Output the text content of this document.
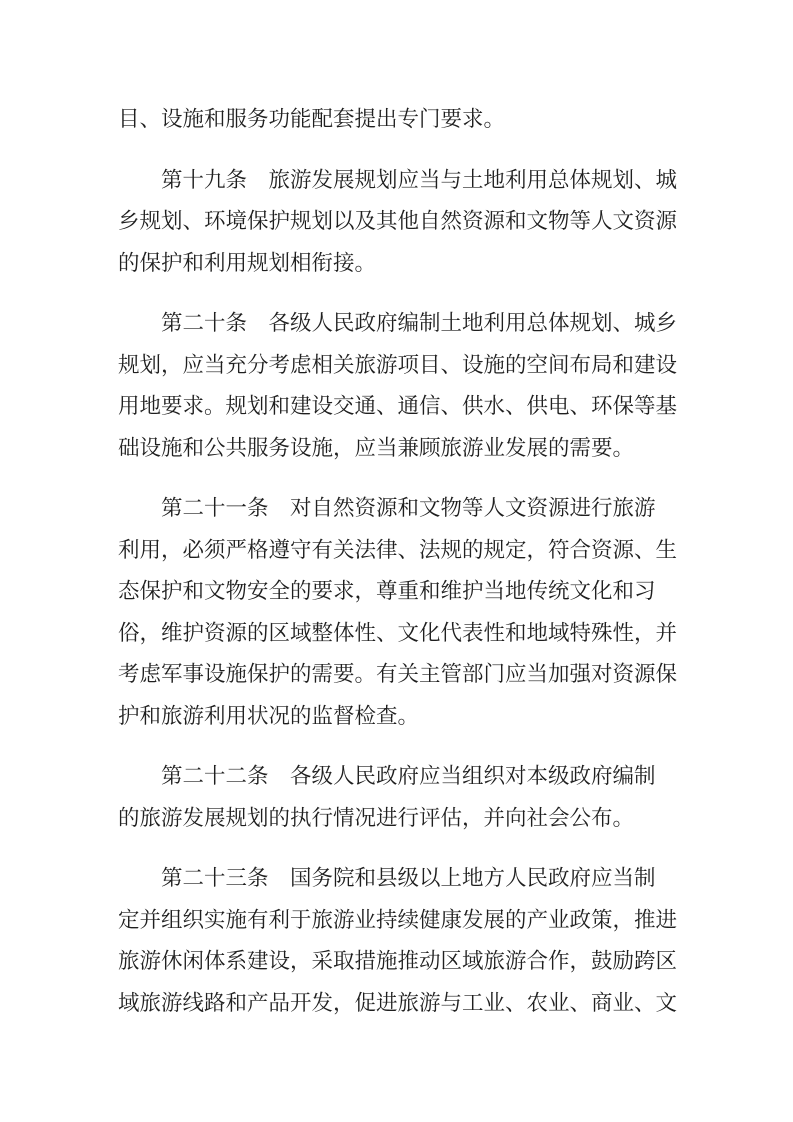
目、设施和服务功能配套提出专门要求。
第十九条　旅游发展规划应当与土地利用总体规划、城
乡规划、环境保护规划以及其他自然资源和文物等人文资源
的保护和利用规划相衔接。
第二十条　各级人民政府编制土地利用总体规划、城乡
规划，应当充分考虑相关旅游项目、设施的空间布局和建设
用地要求。规划和建设交通、通信、供水、供电、环保等基
础设施和公共服务设施，应当兼顾旅游业发展的需要。
第二十一条　对自然资源和文物等人文资源进行旅游
利用，必须严格遵守有关法律、法规的规定，符合资源、生
态保护和文物安全的要求，尊重和维护当地传统文化和习
俗，维护资源的区域整体性、文化代表性和地域特殊性，并
考虑军事设施保护的需要。有关主管部门应当加强对资源保
护和旅游利用状况的监督检查。
第二十二条　各级人民政府应当组织对本级政府编制
的旅游发展规划的执行情况进行评估，并向社会公布。
第二十三条　国务院和县级以上地方人民政府应当制
定并组织实施有利于旅游业持续健康发展的产业政策，推进
旅游休闲体系建设，采取措施推动区域旅游合作，鼓励跨区
域旅游线路和产品开发，促进旅游与工业、农业、商业、文
